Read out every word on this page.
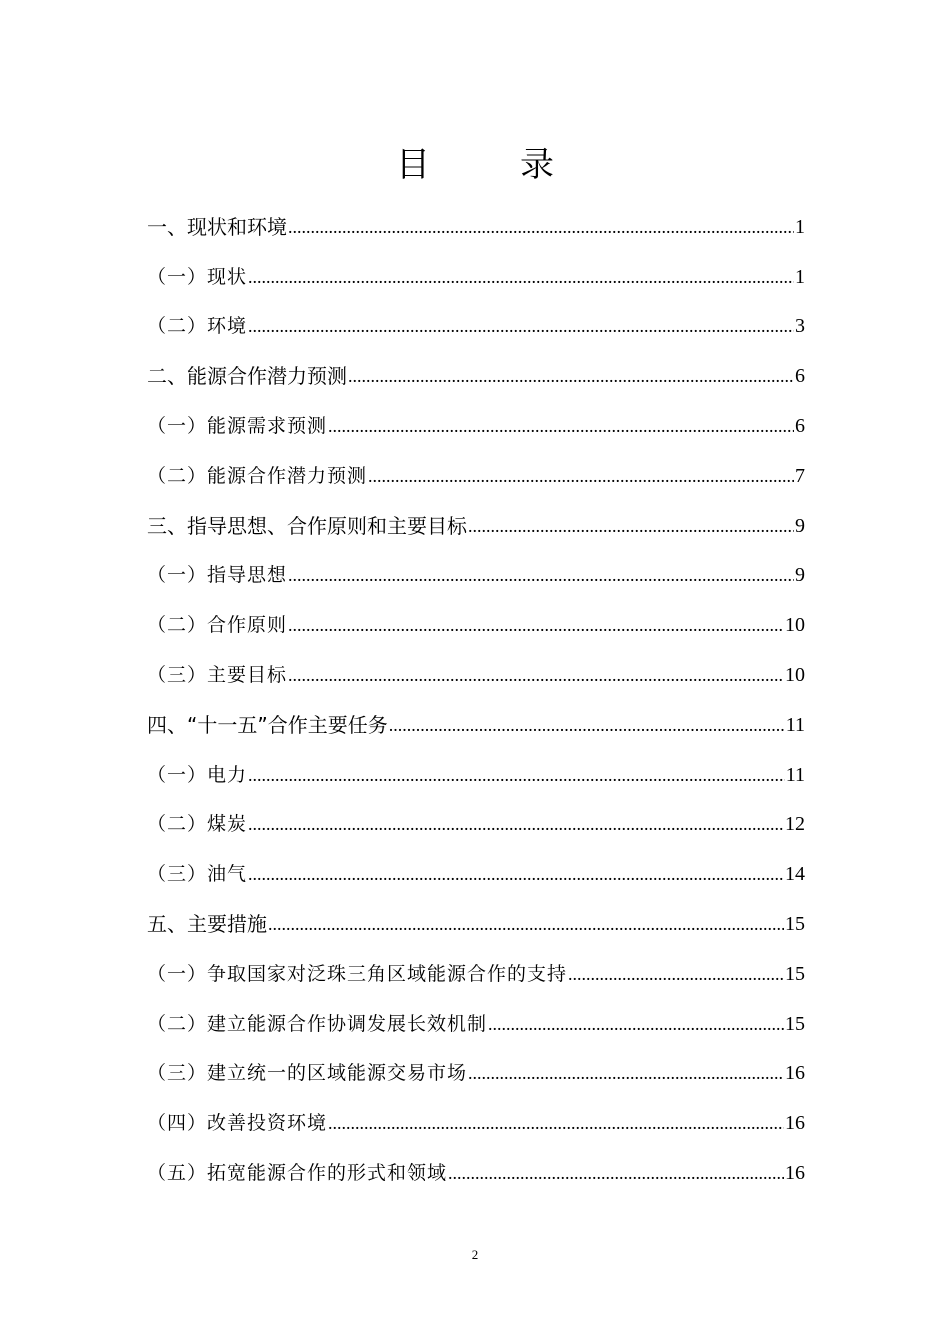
目　录
一、现状和环境 .....	1
（一）现状 .....	1
（二）环境 .....	3
二、能源合作潜力预测 .....	6
（一）能源需求预测 .....	6
（二）能源合作潜力预测 .....	7
三、指导思想、合作原则和主要目标 .....	9
（一）指导思想 .....	9
（二）合作原则 .....	10
（三）主要目标 .....	10
四、“十一五”合作主要任务 .....	11
（一）电力 .....	11
（二）煤炭 .....	12
（三）油气 .....	14
五、主要措施 .....	15
（一）争取国家对泛珠三角区域能源合作的支持 .....	15
（二）建立能源合作协调发展长效机制 .....	15
（三）建立统一的区域能源交易市场 .....	16
（四）改善投资环境 .....	16
（五）拓宽能源合作的形式和领域 .....	16
2
